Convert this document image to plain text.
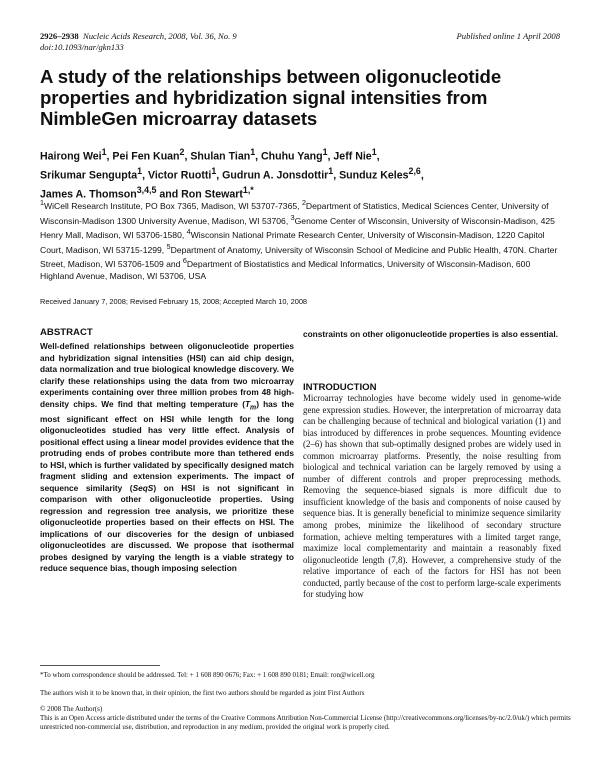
2926–2938 Nucleic Acids Research, 2008, Vol. 36, No. 9
doi:10.1093/nar/gkn133
Published online 1 April 2008
A study of the relationships between oligonucleotide properties and hybridization signal intensities from NimbleGen microarray datasets
Hairong Wei$^1$, Pei Fen Kuan$^2$, Shulan Tian$^1$, Chuhu Yang$^1$, Jeff Nie$^1$,
Srikumar Sengupta$^1$, Victor Ruotti$^1$, Gudrun A. Jonsdottir$^1$, Sunduz Keles$^{2,6}$,
James A. Thomson$^{3,4,5}$ and Ron Stewart$^{1,*}$
$^1$WiCell Research Institute, PO Box 7365, Madison, WI 53707-7365, $^2$Department of Statistics, Medical Sciences Center, University of Wisconsin-Madison 1300 University Avenue, Madison, WI 53706, $^3$Genome Center of Wisconsin, University of Wisconsin-Madison, 425 Henry Mall, Madison, WI 53706-1580, $^4$Wisconsin National Primate Research Center, University of Wisconsin-Madison, 1220 Capitol Court, Madison, WI 53715-1299, $^5$Department of Anatomy, University of Wisconsin School of Medicine and Public Health, 470N. Charter Street, Madison, WI 53706-1509 and $^6$Department of Biostatistics and Medical Informatics, University of Wisconsin-Madison, 600 Highland Avenue, Madison, WI 53706, USA
Received January 7, 2008; Revised February 15, 2008; Accepted March 10, 2008
ABSTRACT
Well-defined relationships between oligonucleotide properties and hybridization signal intensities (HSI) can aid chip design, data normalization and true biological knowledge discovery. We clarify these relationships using the data from two microarray experiments containing over three million probes from 48 high-density chips. We find that melting temperature $(T_m)$ has the most significant effect on HSI while length for the long oligonucleotides studied has very little effect. Analysis of positional effect using a linear model provides evidence that the protruding ends of probes contribute more than tethered ends to HSI, which is further validated by specifically designed match fragment sliding and extension experiments. The impact of sequence similarity (SeqS) on HSI is not significant in comparison with other oligonucleotide properties. Using regression and regression tree analysis, we prioritize these oligonucleotide properties based on their effects on HSI. The implications of our discoveries for the design of unbiased oligonucleotides are discussed. We propose that isothermal probes designed by varying the length is a viable strategy to reduce sequence bias, though imposing selection
constraints on other oligonucleotide properties is also essential.
INTRODUCTION
Microarray technologies have become widely used in genome-wide gene expression studies. However, the interpretation of microarray data can be challenging because of technical and biological variation (1) and bias introduced by differences in probe sequences. Mounting evidence (2–6) has shown that sub-optimally designed probes are widely used in common microarray platforms. Presently, the noise resulting from biological and technical variation can be largely removed by using a number of different controls and proper preprocessing methods. Removing the sequence-biased signals is more difficult due to insufficient knowledge of the basis and components of noise caused by sequence bias. It is generally beneficial to minimize sequence similarity among probes, minimize the likelihood of secondary structure formation, achieve melting temperatures with a limited target range, maximize local complementarity and maintain a reasonably fixed oligonucleotide length (7,8). However, a comprehensive study of the relative importance of each of the factors for HSI has not been conducted, partly because of the cost to perform large-scale experiments for studying how
*To whom correspondence should be addressed. Tel: + 1 608 890 0676; Fax: + 1 608 890 0181; Email: ron@wicell.org
The authors wish it to be known that, in their opinion, the first two authors should be regarded as joint First Authors
© 2008 The Author(s)
This is an Open Access article distributed under the terms of the Creative Commons Attribution Non-Commercial License (http://creativecommons.org/licenses/by-nc/2.0/uk/) which permits unrestricted non-commercial use, distribution, and reproduction in any medium, provided the original work is properly cited.
